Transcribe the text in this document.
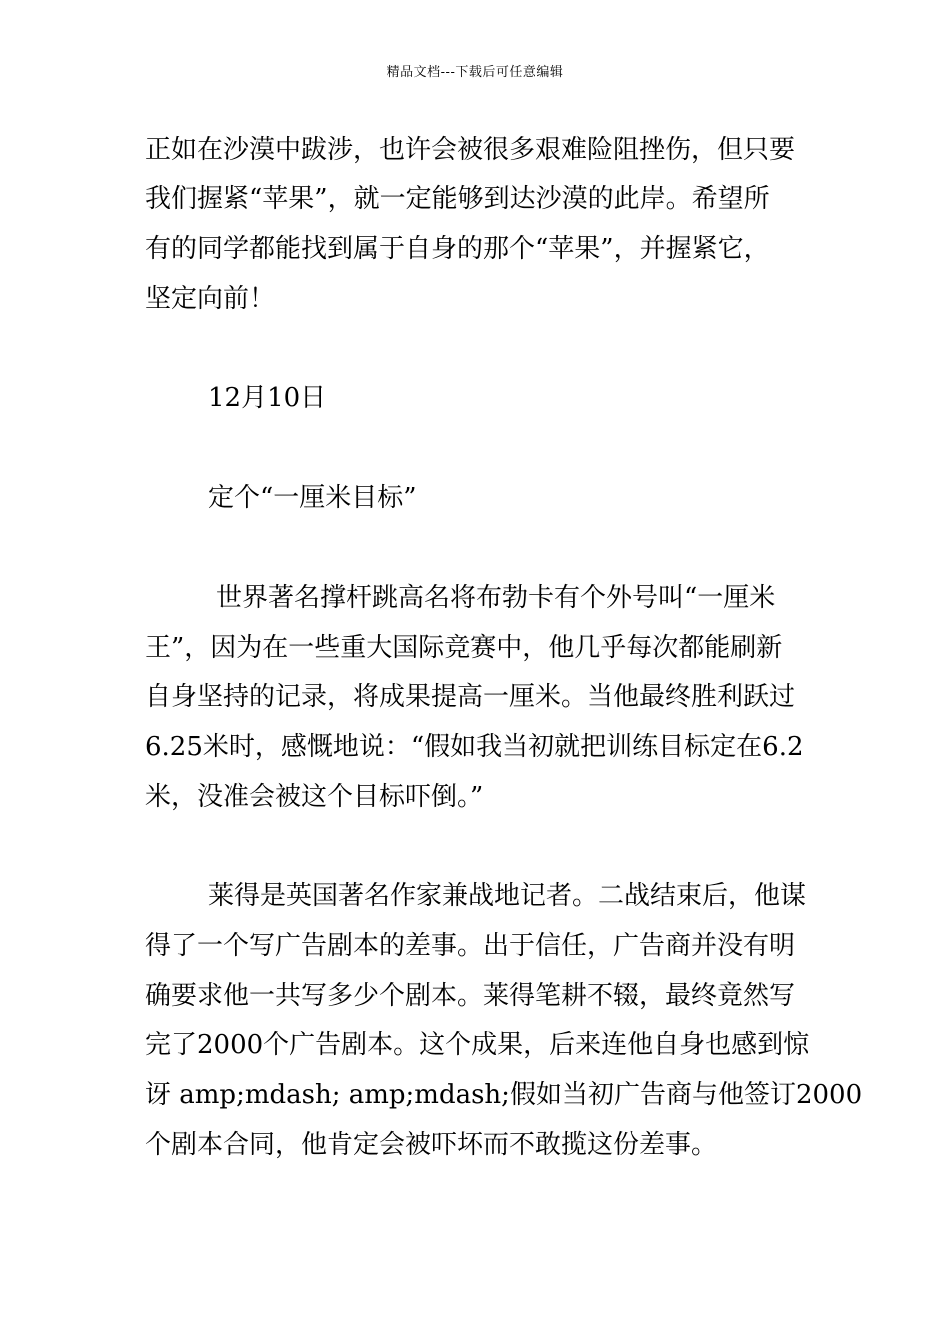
精品文档---下载后可任意编辑
正如在沙漠中跋涉，也许会被很多艰难险阻挫伤，但只要
我们握紧“苹果”，就一定能够到达沙漠的此岸。希望所
有的同学都能找到属于自身的那个“苹果”，并握紧它，
坚定向前！
12月10日
定个“一厘米目标”
世界著名撑杆跳高名将布勃卡有个外号叫“一厘米
王”，因为在一些重大国际竞赛中，他几乎每次都能刷新
自身坚持的记录，将成果提高一厘米。当他最终胜利跃过
6.25米时，感慨地说：“假如我当初就把训练目标定在6.2
米，没准会被这个目标吓倒。”
莱得是英国著名作家兼战地记者。二战结束后，他谋
得了一个写广告剧本的差事。出于信任，广告商并没有明
确要求他一共写多少个剧本。莱得笔耕不辍，最终竟然写
完了2000个广告剧本。这个成果，后来连他自身也感到惊
讶 amp;mdash; amp;mdash;假如当初广告商与他签订2000
个剧本合同，他肯定会被吓坏而不敢揽这份差事。
